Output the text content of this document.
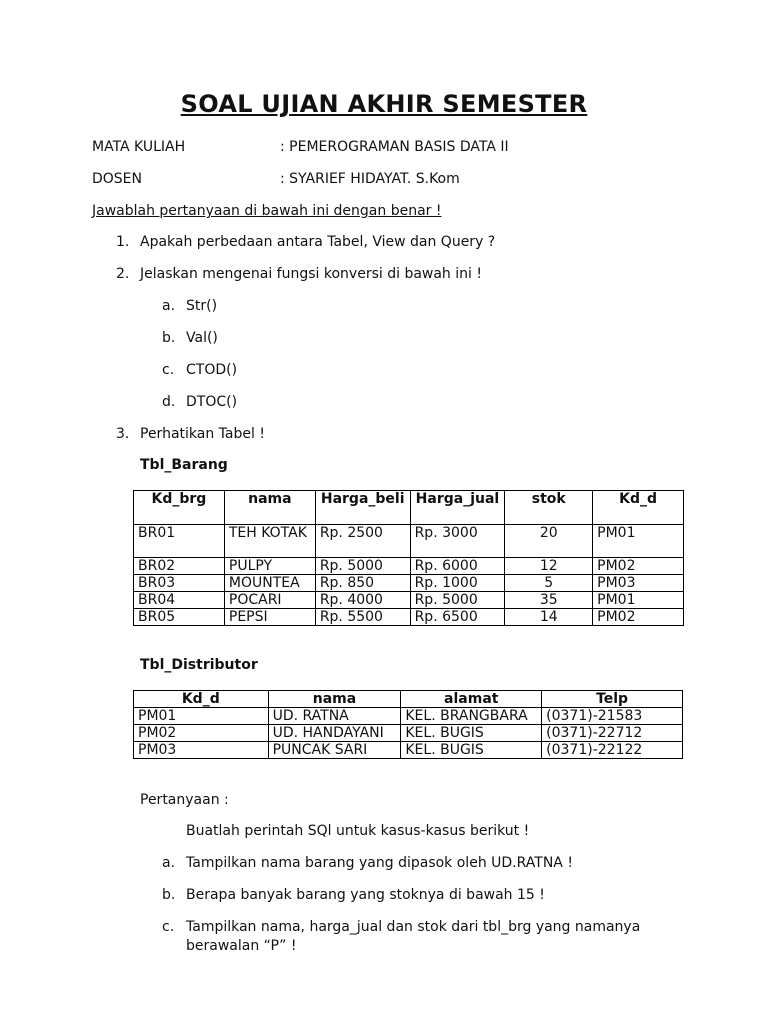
SOAL UJIAN AKHIR SEMESTER
MATA KULIAH	: PEMEROGRAMAN BASIS DATA II
DOSEN	: SYARIEF HIDAYAT. S.Kom
Jawablah pertanyaan di bawah ini dengan benar !
1. Apakah perbedaan antara Tabel, View dan Query ?
2. Jelaskan mengenai fungsi konversi di bawah ini !
a. Str()
b. Val()
c. CTOD()
d. DTOC()
3. Perhatikan Tabel !
Tbl_Barang
Kd_brg	nama	Harga_beli	Harga_jual	stok	Kd_d
BR01	TEH KOTAK	Rp. 2500	Rp. 3000	20	PM01
BR02	PULPY	Rp. 5000	Rp. 6000	12	PM02
BR03	MOUNTEA	Rp. 850	Rp. 1000	5	PM03
BR04	POCARI	Rp. 4000	Rp. 5000	35	PM01
BR05	PEPSI	Rp. 5500	Rp. 6500	14	PM02
Tbl_Distributor
Kd_d	nama	alamat	Telp
PM01	UD. RATNA	KEL. BRANGBARA	(0371)-21583
PM02	UD. HANDAYANI	KEL. BUGIS	(0371)-22712
PM03	PUNCAK SARI	KEL. BUGIS	(0371)-22122
Pertanyaan :
Buatlah perintah SQl untuk kasus-kasus berikut !
a. Tampilkan nama barang yang dipasok oleh UD.RATNA !
b. Berapa banyak barang yang stoknya di bawah 15 !
c. Tampilkan nama, harga_jual dan stok dari tbl_brg yang namanya
berawalan “P” !
